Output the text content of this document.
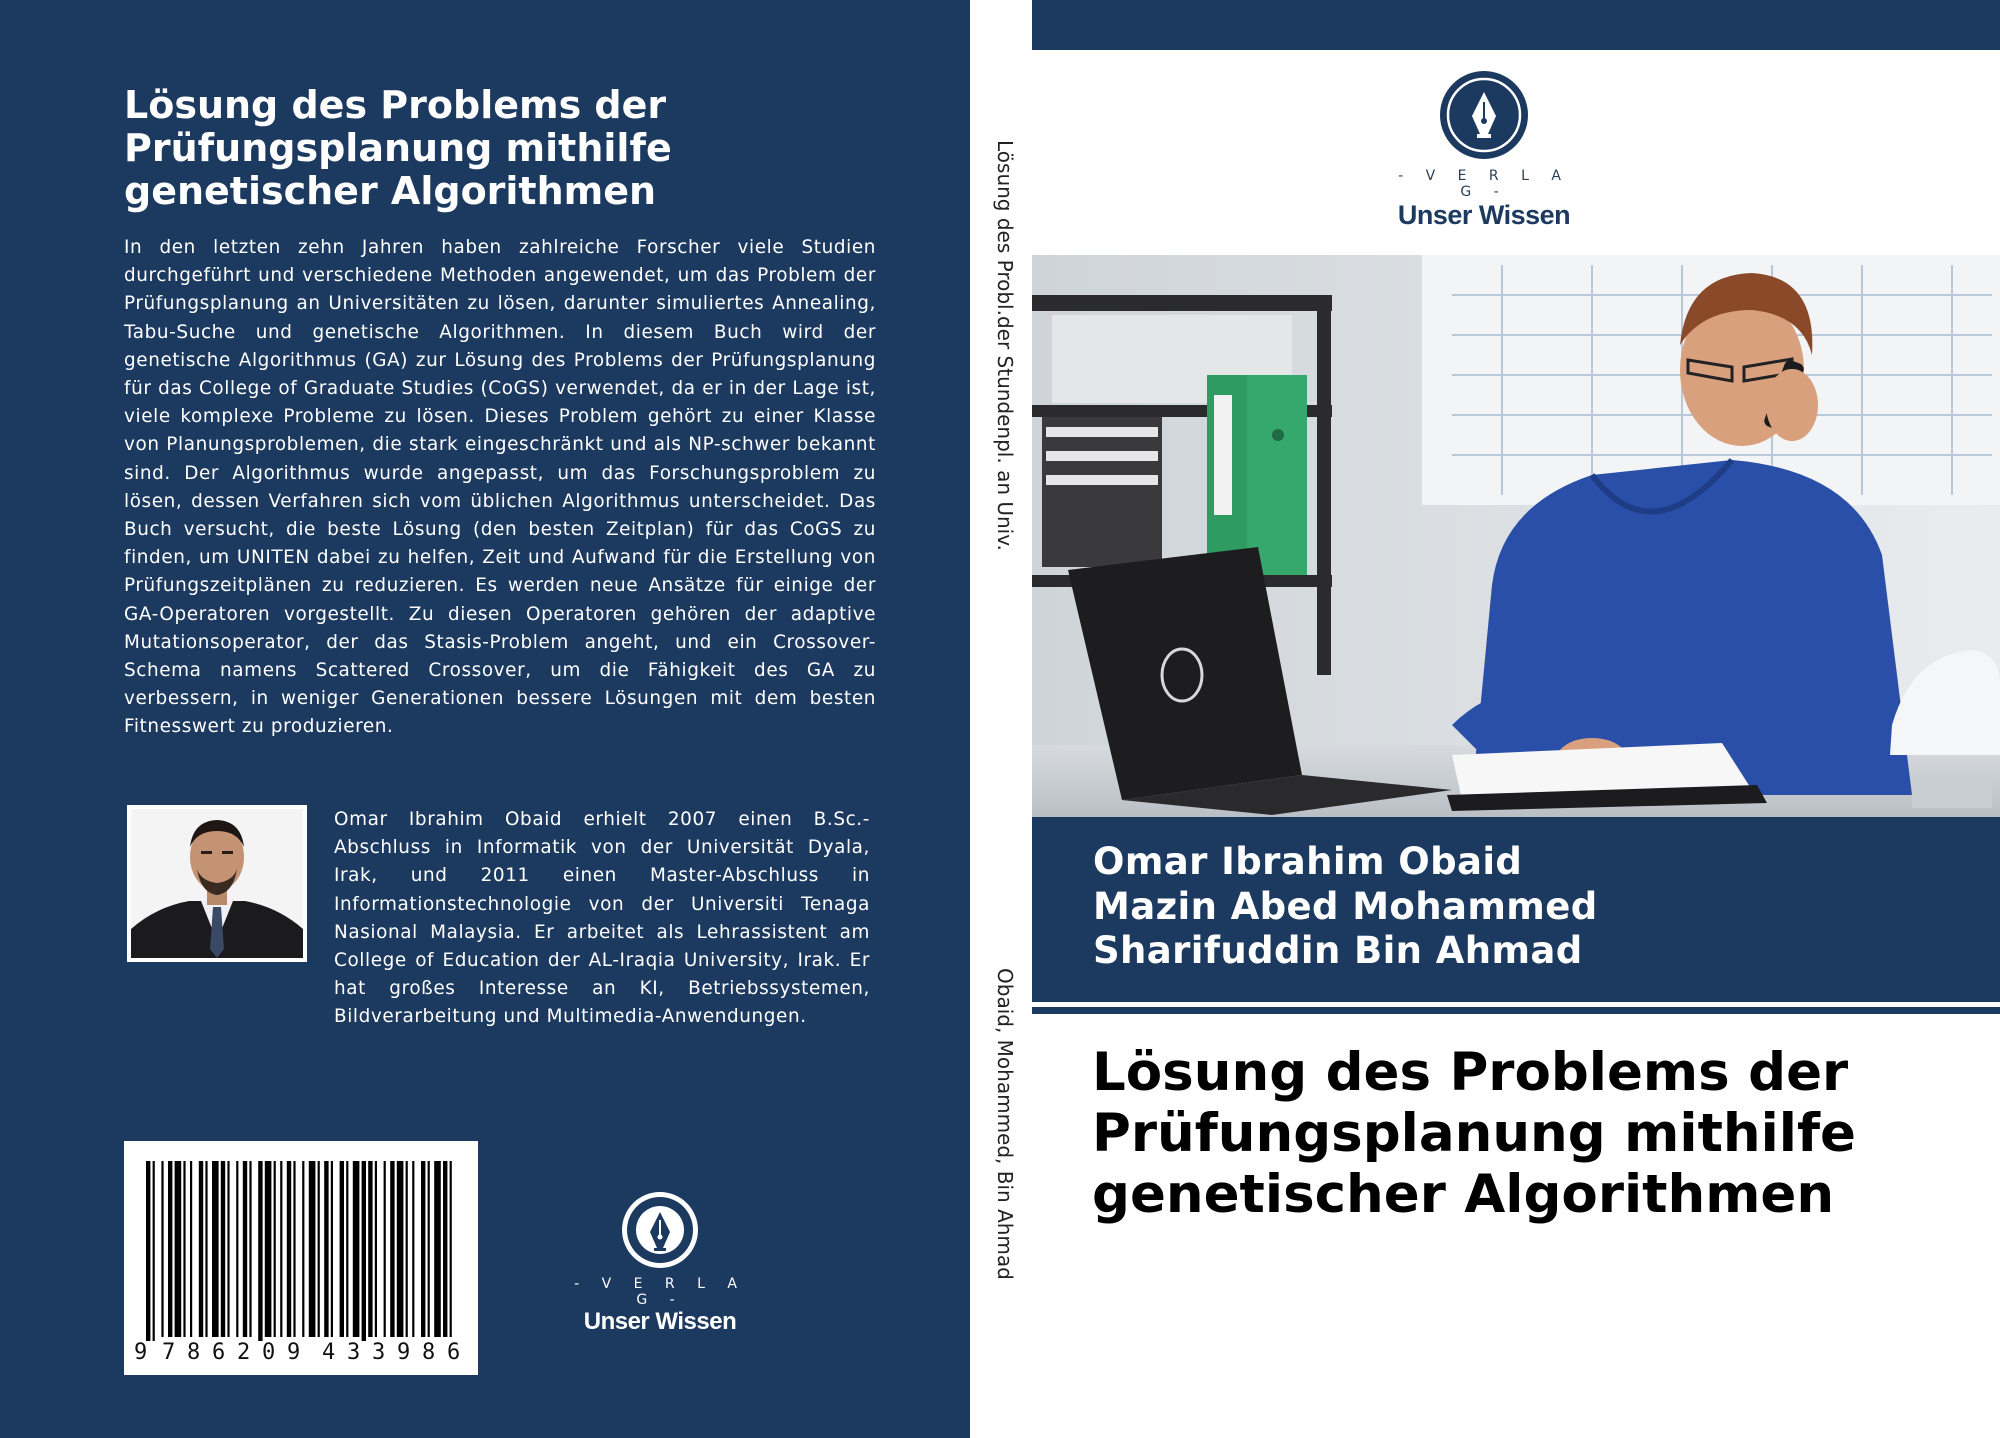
Lösung des Problems der Prüfungsplanung mithilfe genetischer Algorithmen

In den letzten zehn Jahren haben zahlreiche Forscher viele Studien durchgeführt und verschiedene Methoden angewendet, um das Problem der Prüfungsplanung an Universitäten zu lösen, darunter simuliertes Annealing, Tabu-Suche und genetische Algorithmen. In diesem Buch wird der genetische Algorithmus (GA) zur Lösung des Problems der Prüfungsplanung für das College of Graduate Studies (CoGS) verwendet, da er in der Lage ist, viele komplexe Probleme zu lösen. Dieses Problem gehört zu einer Klasse von Planungsproblemen, die stark eingeschränkt und als NP-schwer bekannt sind. Der Algorithmus wurde angepasst, um das Forschungsproblem zu lösen, dessen Verfahren sich vom üblichen Algorithmus unterscheidet. Das Buch versucht, die beste Lösung (den besten Zeitplan) für das CoGS zu finden, um UNITEN dabei zu helfen, Zeit und Aufwand für die Erstellung von Prüfungszeitplänen zu reduzieren. Es werden neue Ansätze für einige der GA-Operatoren vorgestellt. Zu diesen Operatoren gehören der adaptive Mutationsoperator, der das Stasis-Problem angeht, und ein Crossover-Schema namens Scattered Crossover, um die Fähigkeit des GA zu verbessern, in weniger Generationen bessere Lösungen mit dem besten Fitnesswert zu produzieren.

Omar Ibrahim Obaid erhielt 2007 einen B.Sc.-Abschluss in Informatik von der Universität Dyala, Irak, und 2011 einen Master-Abschluss in Informationstechnologie von der Universiti Tenaga Nasional Malaysia. Er arbeitet als Lehrassistent am College of Education der AL-Iraqia University, Irak. Er hat großes Interesse an KI, Betriebssystemen, Bildverarbeitung und Multimedia-Anwendungen.

9 7 8 6 2 0 9 4 3 3 9 8 6
- V E R L A G -
Unser Wissen
Lösung des Probl.der Stundenpl. an Univ.
Obaid, Mohammed, Bin Ahmad
- V E R L A G -
Unser Wissen
Omar Ibrahim Obaid
Mazin Abed Mohammed
Sharifuddin Bin Ahmad
Lösung des Problems der Prüfungsplanung mithilfe genetischer Algorithmen
